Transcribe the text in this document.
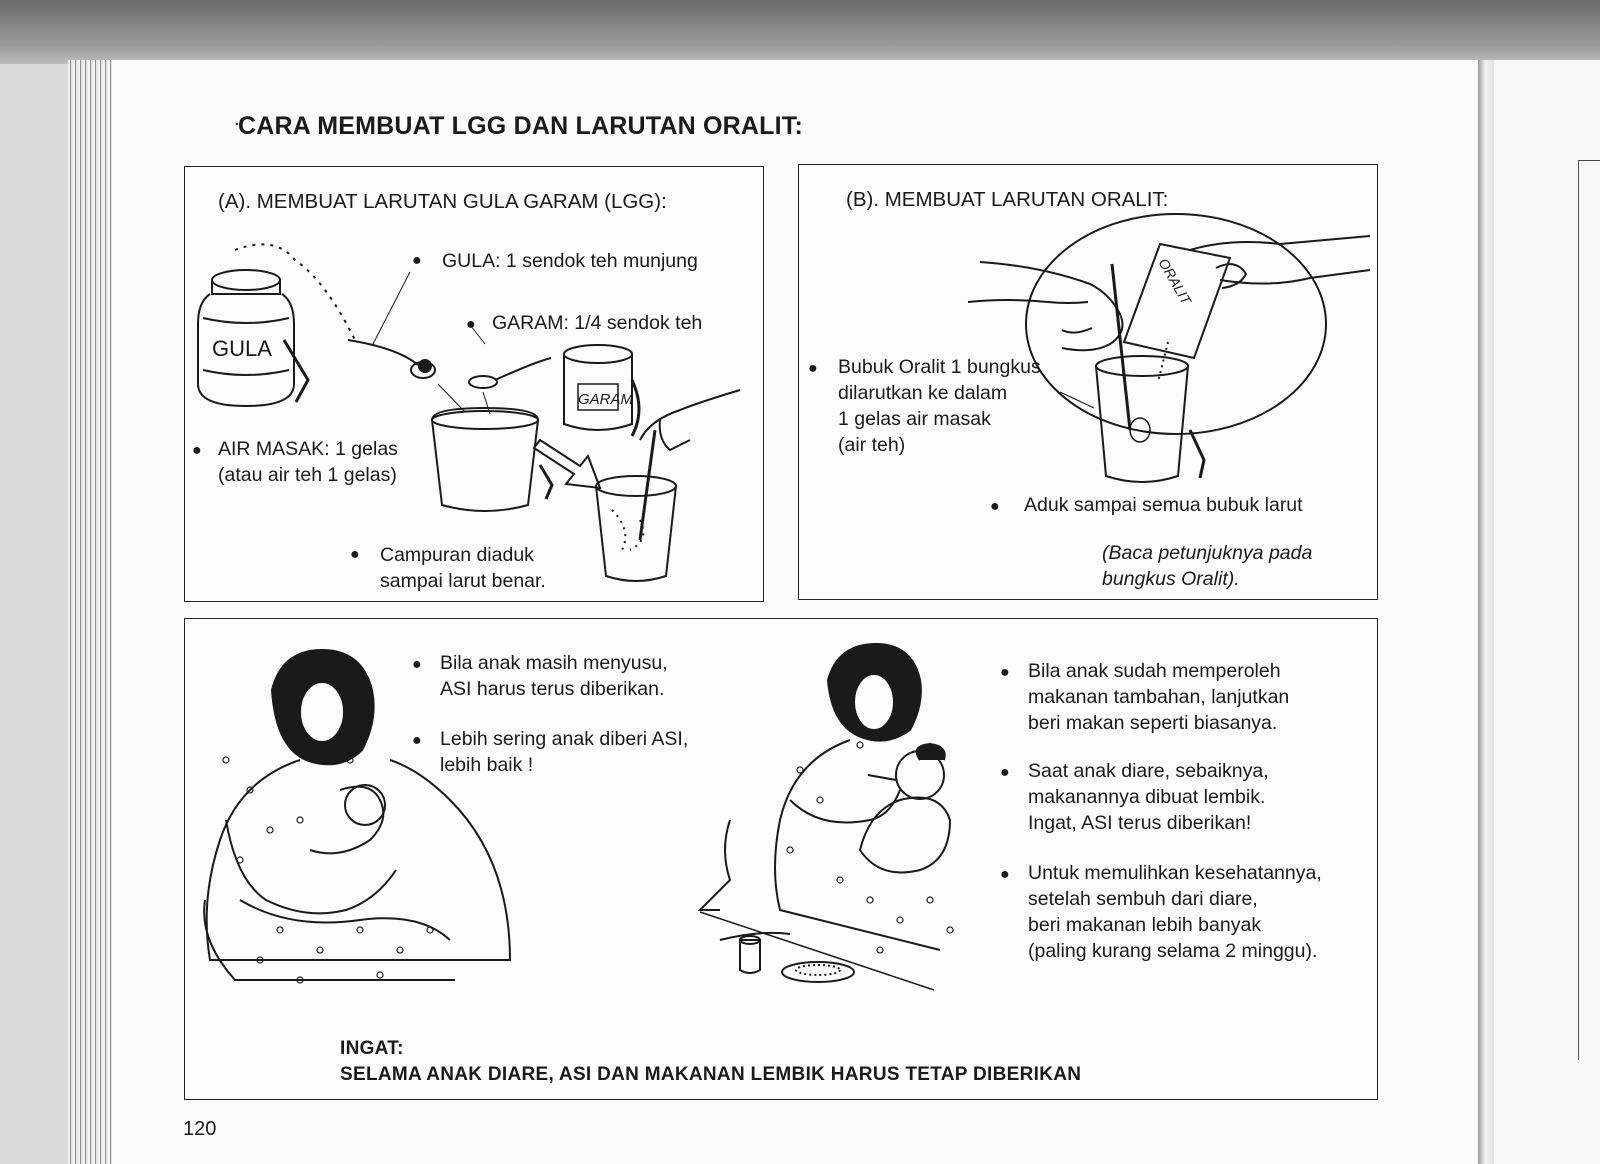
.
CARA MEMBUAT LGG DAN LARUTAN ORALIT:
GULA
GARAM
ORALIT
(A). MEMBUAT LARUTAN GULA GARAM (LGG):
● GULA: 1 sendok teh munjung
● GARAM: 1/4 sendok teh
● AIR MASAK: 1 gelas
(atau air teh 1 gelas)
● Campuran diaduk
sampai larut benar.
(B). MEMBUAT LARUTAN ORALIT:
● Bubuk Oralit 1 bungkus
dilarutkan ke dalam
1 gelas air masak
(air teh)
● Aduk sampai semua bubuk larut
(Baca petunjuknya pada
bungkus Oralit).
● Bila anak masih menyusu,
ASI harus terus diberikan.
● Lebih sering anak diberi ASI,
lebih baik !
● Bila anak sudah memperoleh
makanan tambahan, lanjutkan
beri makan seperti biasanya.
● Saat anak diare, sebaiknya,
makanannya dibuat lembik.
Ingat, ASI terus diberikan!
● Untuk memulihkan kesehatannya,
setelah sembuh dari diare,
beri makanan lebih banyak
(paling kurang selama 2 minggu).
INGAT:
SELAMA ANAK DIARE, ASI DAN MAKANAN LEMBIK HARUS TETAP DIBERIKAN
120
